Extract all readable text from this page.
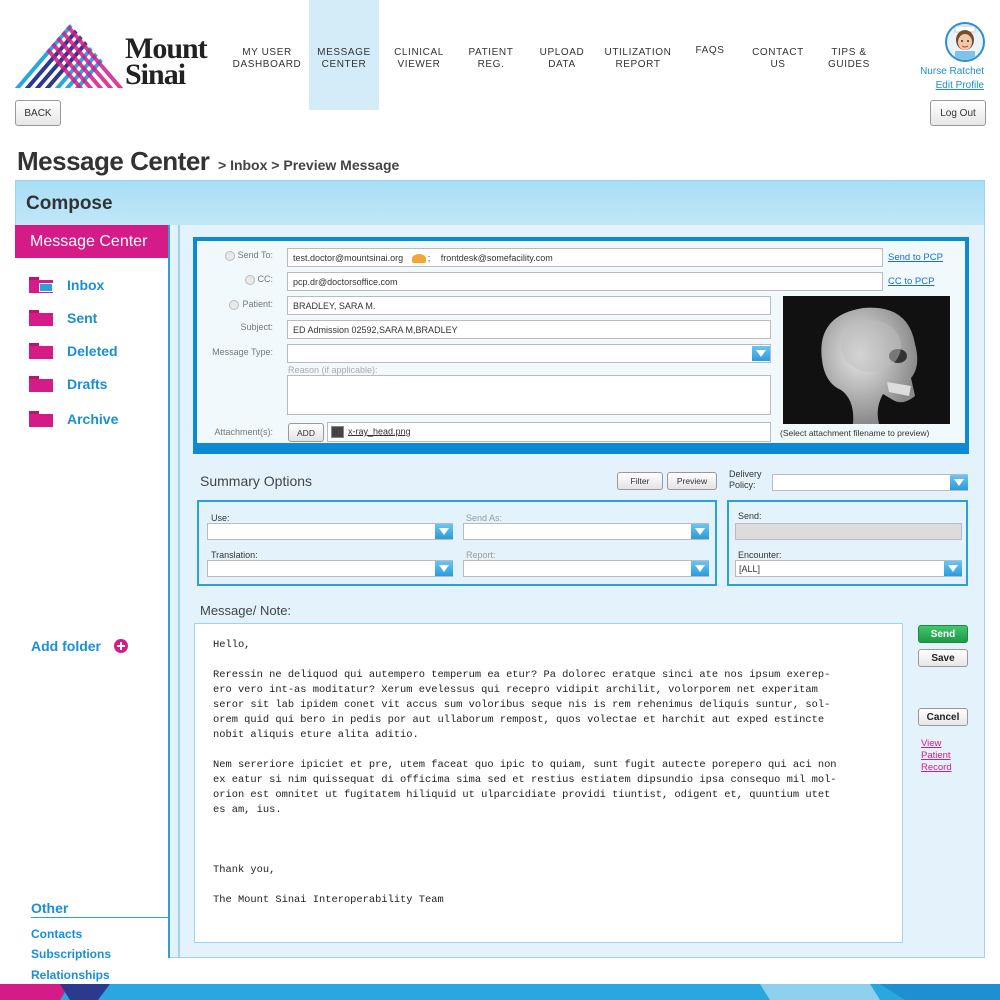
Mount
Sinai
MY USER
DASHBOARD
MESSAGE
CENTER
CLINICAL
VIEWER
PATIENT
REG.
UPLOAD
DATA
UTILIZATION
REPORT
FAQS	CONTACT
US
TIPS &
GUIDES
BACK
Nurse Ratchet
Edit Profile
Log Out
Message Center > Inbox > Preview Message
Compose
Message Center
Inbox
Sent
Deleted
Drafts
Archive
Add folder
Other
Contacts
Subscriptions
Relationships
Send To:	test.doctor@mountsinai.org	; frontdesk@somefacility.com	Send to PCP
CC:	pcp.dr@doctorsoffice.com	CC to PCP
Patient:	BRADLEY, SARA M.
Subject:	ED Admission 02592,SARA M,BRADLEY
Message Type:
Reason (if applicable):
Attachment(s):	ADD	x-ray_head.png	(Select attachment filename to preview)
Summary Options	Filter	Preview
Delivery
Policy:
Use:	Send As:
Translation:	Report:
Send:
Encounter:
[ALL]
Message/ Note:
Hello,

Reressin ne deliquod qui autempero temperum ea etur? Pa dolorec eratque sinci ate nos ipsum exerep-
ero vero int-as moditatur? Xerum evelessus qui recepro vidipit archilit, volorporem net experitam
seror sit lab ipidem conet vit accus sum voloribus seque nis is rem rehenimus deliquis suntur, sol-
orem quid qui bero in pedis por aut ullaborum rempost, quos volectae et harchit aut exped estincte
nobit aliquis eture alita aditio.

Nem sereriore ipiciet et pre, utem faceat quo ipic to quiam, sunt fugit autecte porepero qui aci non
ex eatur si nim quissequat di officima sima sed et restius estiatem dipsundio ipsa consequo mil mol-
orion est omnitet ut fugitatem hiliquid ut ulparcidiate providi tiuntist, odigent et, quuntium utet
es am, ius.

Thank you,

The Mount Sinai Interoperability Team
Send
Save
Cancel
View
Patient
Record
